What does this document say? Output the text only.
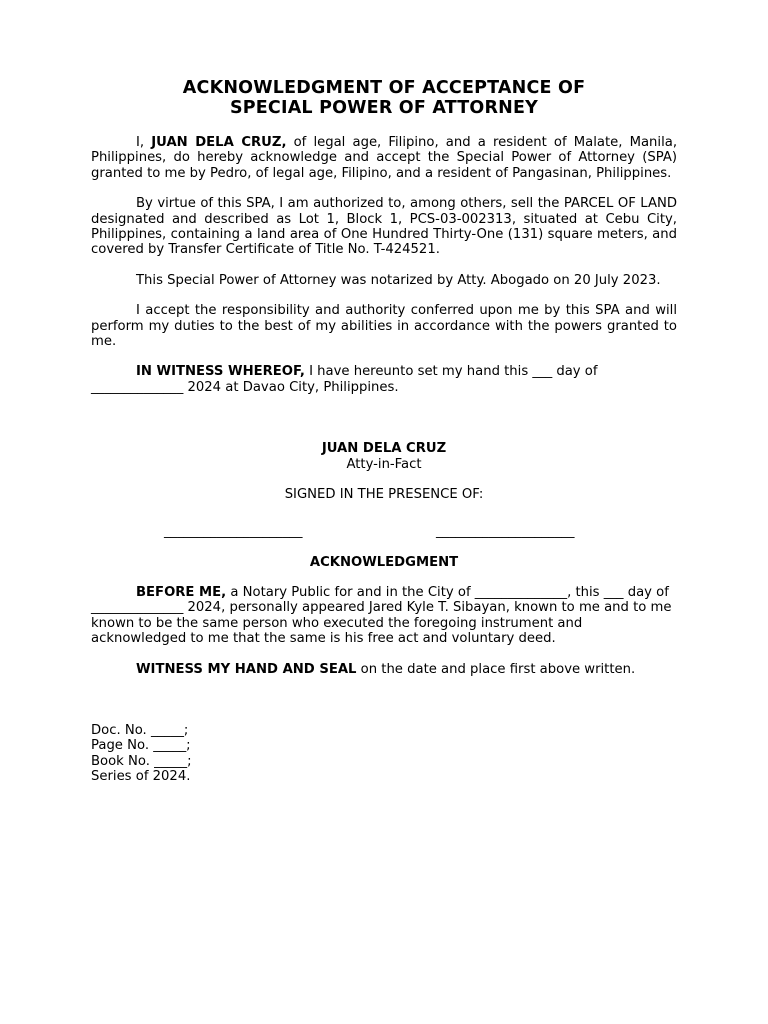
ACKNOWLEDGMENT OF ACCEPTANCE OF
SPECIAL POWER OF ATTORNEY

I, JUAN DELA CRUZ, of legal age, Filipino, and a resident of Malate, Manila, Philippines, do hereby acknowledge and accept the Special Power of Attorney (SPA) granted to me by Pedro, of legal age, Filipino, and a resident of Pangasinan, Philippines.

By virtue of this SPA, I am authorized to, among others, sell the PARCEL OF LAND designated and described as Lot 1, Block 1, PCS-03-002313, situated at Cebu City, Philippines, containing a land area of One Hundred Thirty-One (131) square meters, and covered by Transfer Certificate of Title No. T-424521.

This Special Power of Attorney was notarized by Atty. Abogado on 20 July 2023.

I accept the responsibility and authority conferred upon me by this SPA and will perform my duties to the best of my abilities in accordance with the powers granted to me.

IN WITNESS WHEREOF, I have hereunto set my hand this ___ day of ______________ 2024 at Davao City, Philippines.

JUAN DELA CRUZ
Atty-in-Fact
SIGNED IN THE PRESENCE OF:
_____________________	_____________________
ACKNOWLEDGMENT

BEFORE ME, a Notary Public for and in the City of ______________, this ___ day of ______________ 2024, personally appeared Jared Kyle T. Sibayan, known to me and to me known to be the same person who executed the foregoing instrument and acknowledged to me that the same is his free act and voluntary deed.

WITNESS MY HAND AND SEAL on the date and place first above written.

Doc. No. _____;
Page No. _____;
Book No. _____;
Series of 2024.
